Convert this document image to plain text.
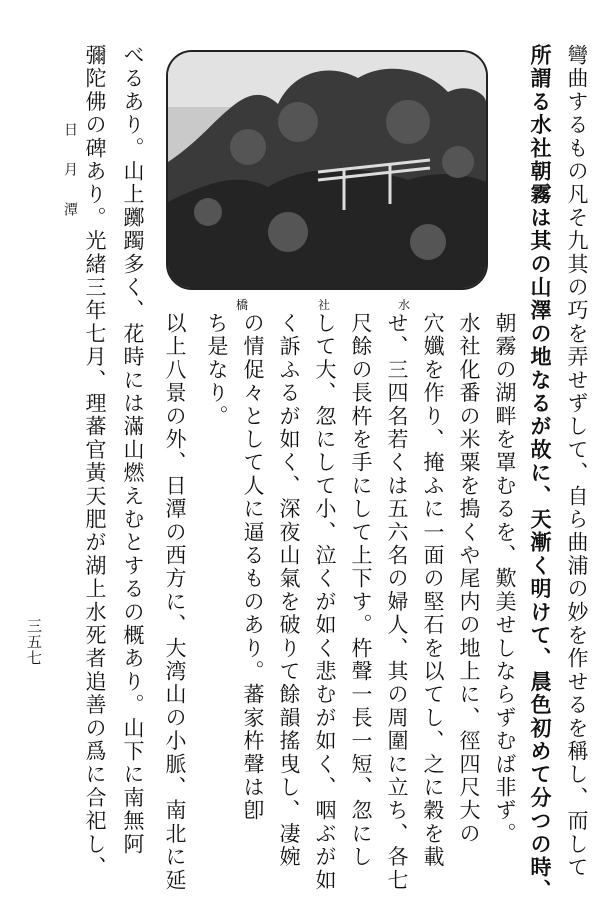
彎曲するもの凡そ九其の巧を弄せずして、自ら曲浦の妙を作せるを稱し、而して
所謂る水社朝霧は其の山澤の地なるが故に、天漸く明けて、晨色初めて分つの時、
朝霧の湖畔を罩むるを、歎美せしならずむば非ず。
水
社
橋
水社化番の米粟を搗くや尾内の地上に、徑四尺大の
穴孅を作り、掩ふに一面の堅石を以てし、之に穀を載
せ、三四名若くは五六名の婦人、其の周圍に立ち、各七
尺餘の長杵を手にして上下す。杵聲一長一短、忽にし
して大、忽にして小、泣くが如く悲むが如く、咽ぶが如
く訴ふるが如く、深夜山氣を破りて餘韻搖曳し、凄婉
の情促々として人に逼るものあり。蕃家杵聲は卽
ち是なり。
以上八景の外、日潭の西方に、大湾山の小脈、南北に延
べるあり。山上躑躅多く、花時には滿山燃えむとするの概あり。山下に南無阿
彌陀佛の碑あり。光緒三年七月、理蕃官黃天肥が湖上水死者追善の爲に合祀し、
日月潭
三五七
